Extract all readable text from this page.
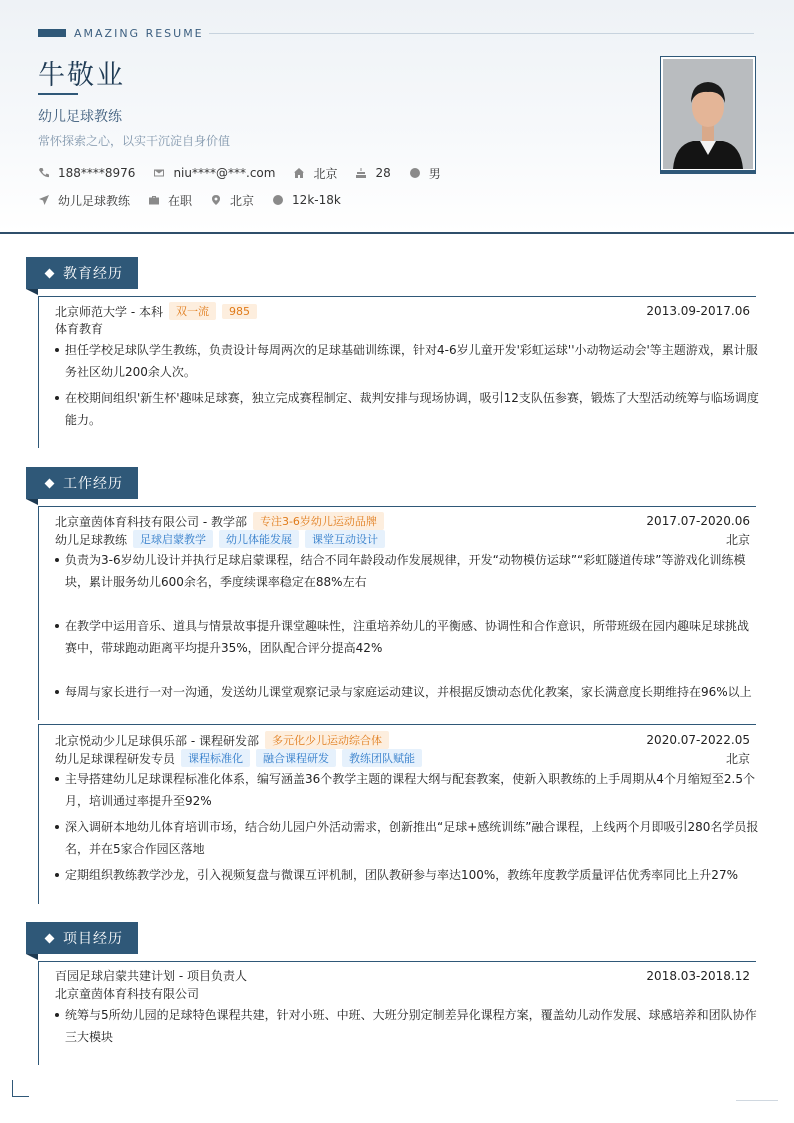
AMAZING RESUME
牛敬业
幼儿足球教练
常怀探索之心，以实干沉淀自身价值
188****8976	niu****@***.com	北京	28	男
幼儿足球教练	在职	北京	12k-18k
教育经历
北京师范大学 - 本科	双一流	985	2013.09-2017.06
体育教育
担任学校足球队学生教练，负责设计每周两次的足球基础训练课，针对4-6岁儿童开发'彩虹运球''小动物运动会'等主题游戏，累计服务社区幼儿200余人次。
在校期间组织'新生杯'趣味足球赛，独立完成赛程制定、裁判安排与现场协调，吸引12支队伍参赛，锻炼了大型活动统筹与临场调度能力。
工作经历
北京童茵体育科技有限公司 - 教学部	专注3-6岁幼儿运动品牌	2017.07-2020.06
幼儿足球教练	足球启蒙教学	幼儿体能发展	课堂互动设计	北京
负责为3-6岁幼儿设计并执行足球启蒙课程，结合不同年龄段动作发展规律，开发“动物模仿运球”“彩虹隧道传球”等游戏化训练模块，累计服务幼儿600余名，季度续课率稳定在88%左右
在教学中运用音乐、道具与情景故事提升课堂趣味性，注重培养幼儿的平衡感、协调性和合作意识，所带班级在园内趣味足球挑战赛中，带球跑动距离平均提升35%，团队配合评分提高42%
每周与家长进行一对一沟通，发送幼儿课堂观察记录与家庭运动建议，并根据反馈动态优化教案，家长满意度长期维持在96%以上
北京悦动少儿足球俱乐部 - 课程研发部	多元化少儿运动综合体	2020.07-2022.05
幼儿足球课程研发专员	课程标准化	融合课程研发	教练团队赋能	北京
主导搭建幼儿足球课程标准化体系，编写涵盖36个教学主题的课程大纲与配套教案，使新入职教练的上手周期从4个月缩短至2.5个月，培训通过率提升至92%
深入调研本地幼儿体育培训市场，结合幼儿园户外活动需求，创新推出“足球+感统训练”融合课程，上线两个月即吸引280名学员报名，并在5家合作园区落地
定期组织教练教学沙龙，引入视频复盘与微课互评机制，团队教研参与率达100%，教练年度教学质量评估优秀率同比上升27%
项目经历
百园足球启蒙共建计划 - 项目负责人	2018.03-2018.12
北京童茵体育科技有限公司
统筹与5所幼儿园的足球特色课程共建，针对小班、中班、大班分别定制差异化课程方案，覆盖幼儿动作发展、球感培养和团队协作三大模块
